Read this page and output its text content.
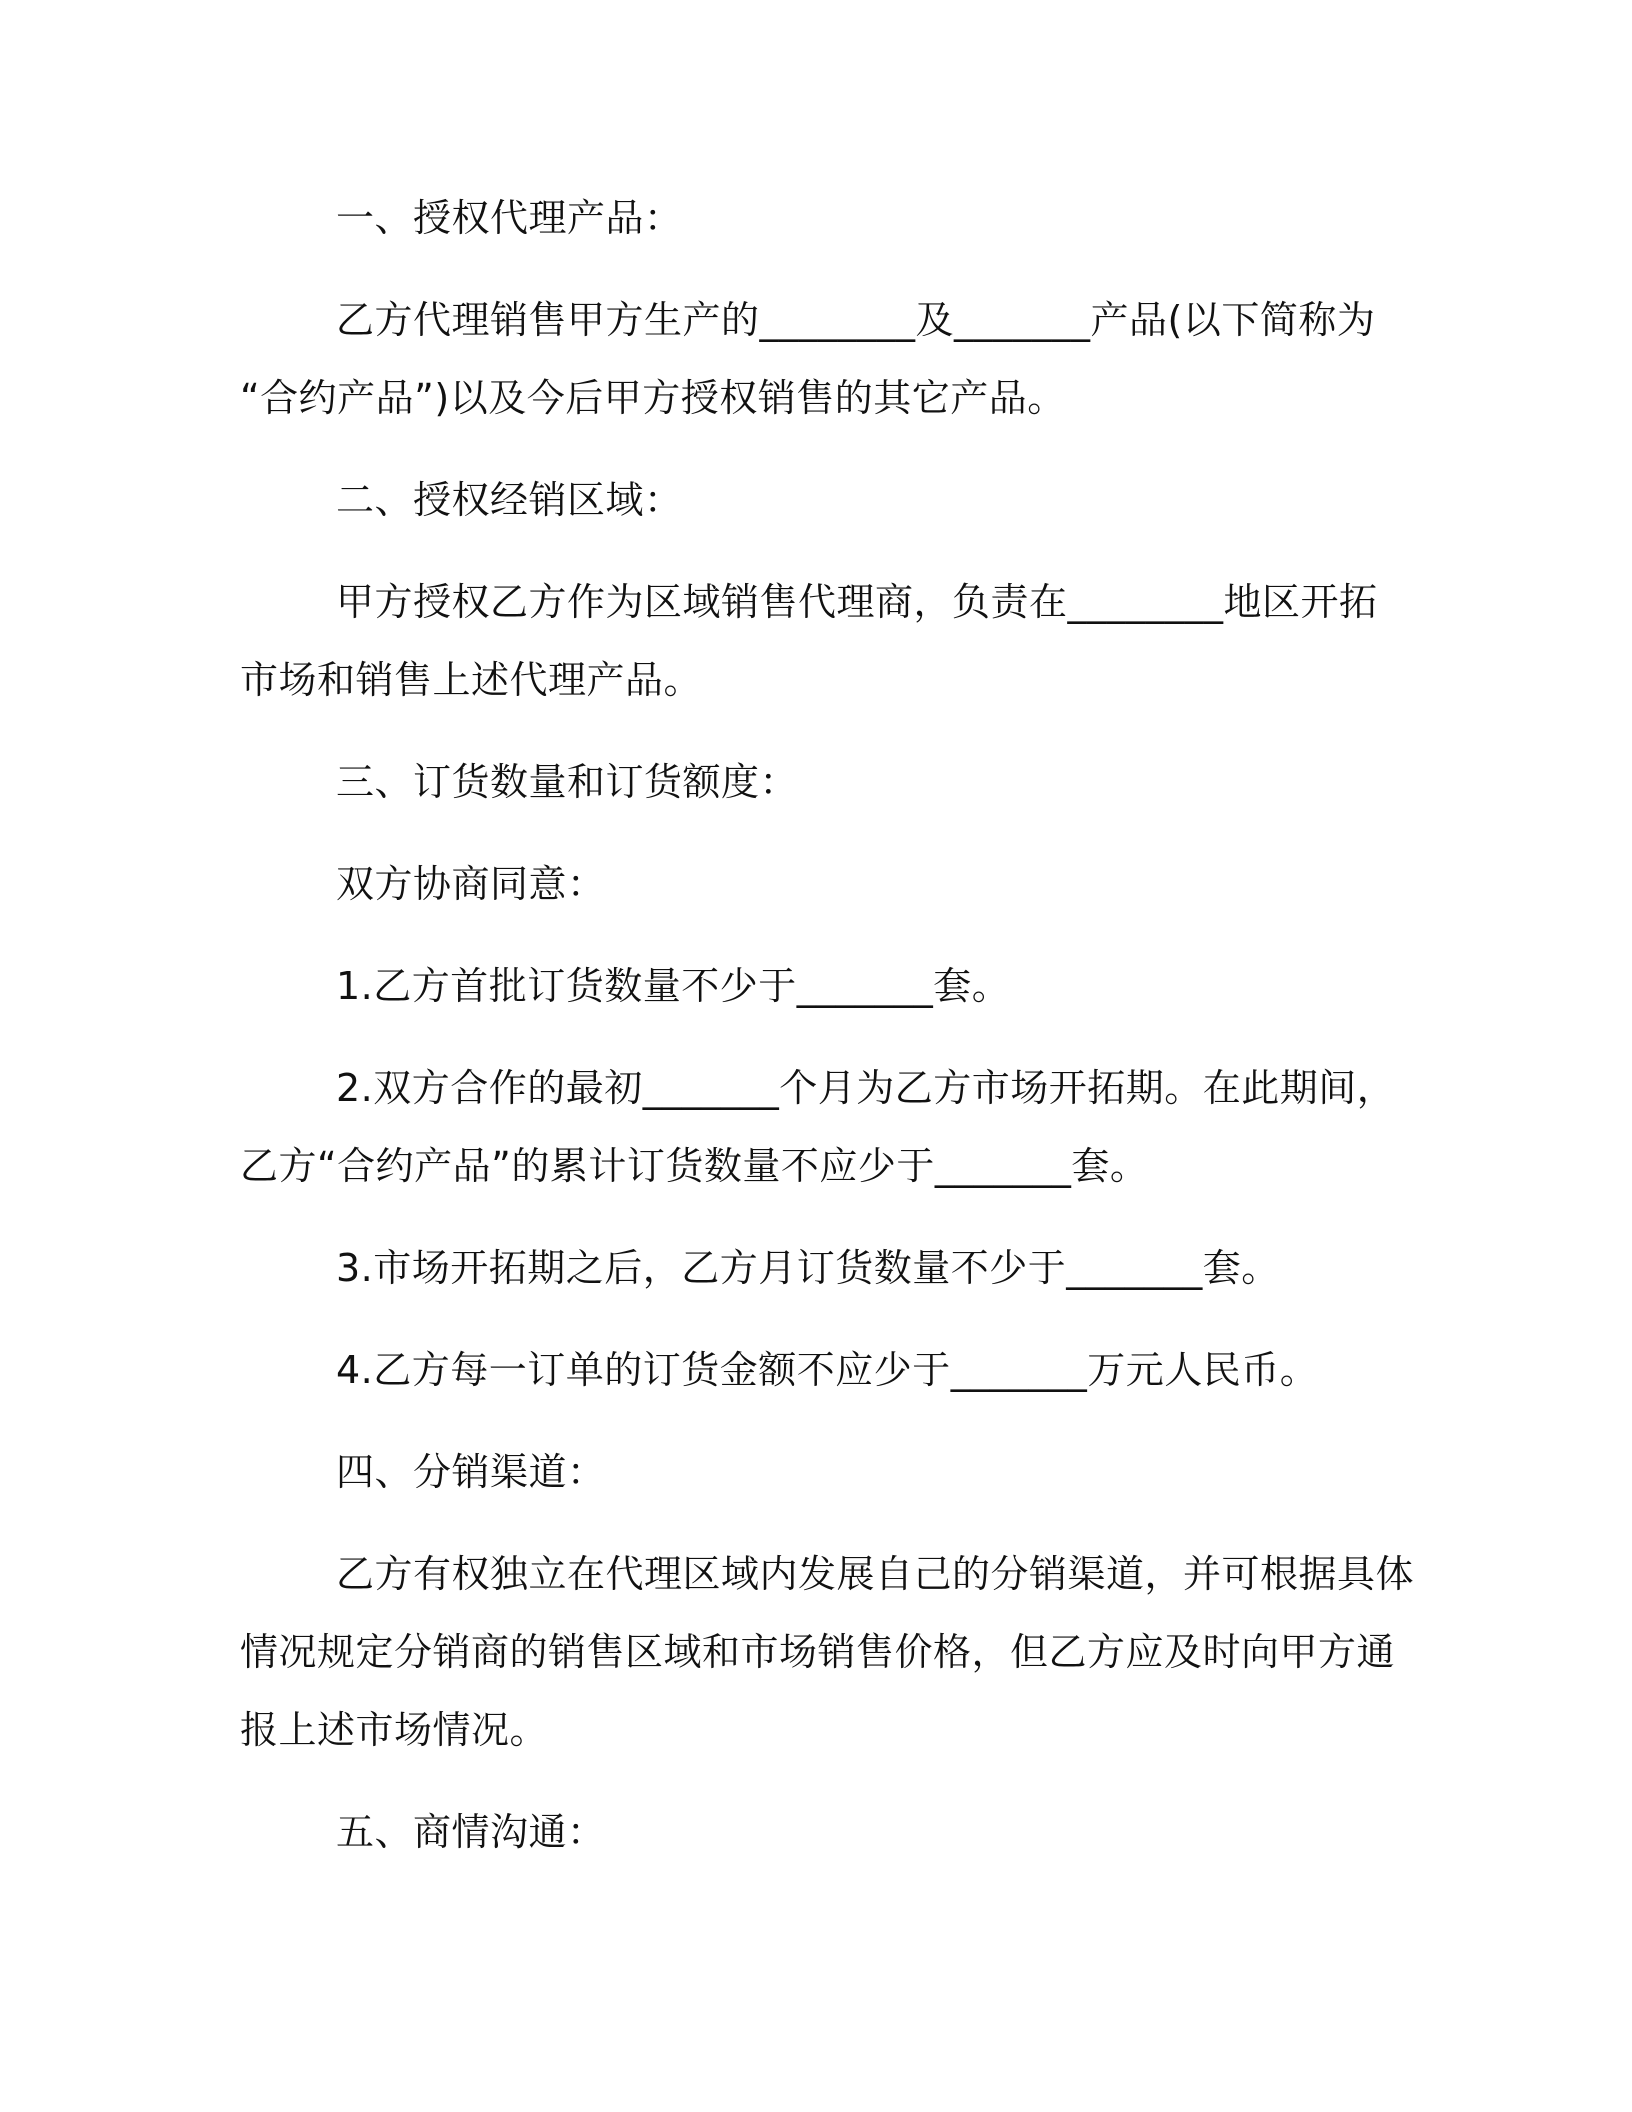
一、授权代理产品：
乙方代理销售甲方生产的________及_______产品(以下简称为
“合约产品”)以及今后甲方授权销售的其它产品。
二、授权经销区域：
甲方授权乙方作为区域销售代理商，负责在________地区开拓
市场和销售上述代理产品。
三、订货数量和订货额度：
双方协商同意：
1.乙方首批订货数量不少于_______套。
2.双方合作的最初_______个月为乙方市场开拓期。在此期间，
乙方“合约产品”的累计订货数量不应少于_______套。
3.市场开拓期之后，乙方月订货数量不少于_______套。
4.乙方每一订单的订货金额不应少于_______万元人民币。
四、分销渠道：
乙方有权独立在代理区域内发展自己的分销渠道，并可根据具体
情况规定分销商的销售区域和市场销售价格，但乙方应及时向甲方通
报上述市场情况。
五、商情沟通：
